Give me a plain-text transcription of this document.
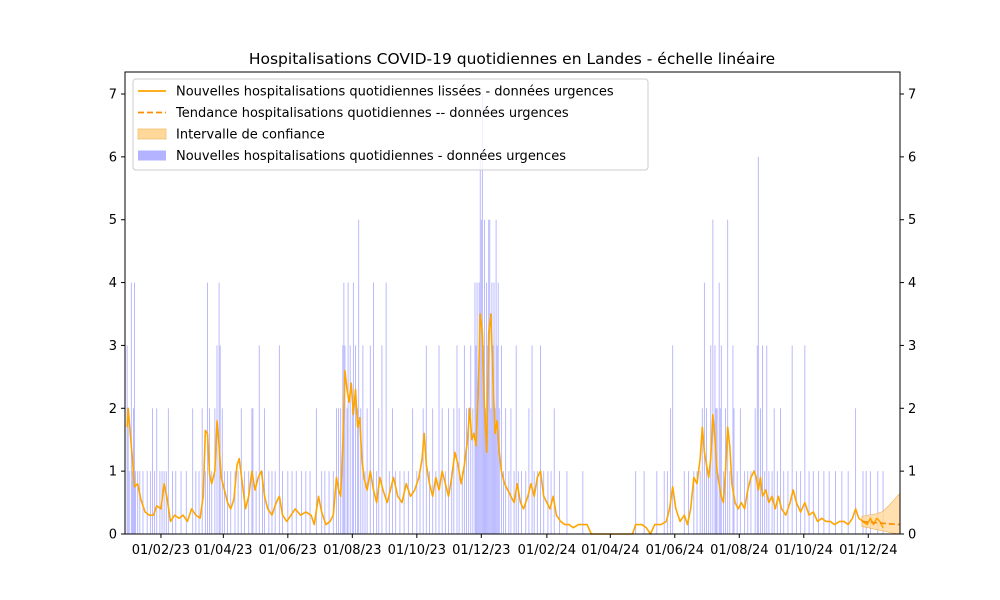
Hospitalisations COVID-19 quotidiennes en Landes - échelle linéaire
0
1
2
3
4
5
6
7
0
1
2
3
4
5
6
7
01/02/23 01/04/23 01/06/23 01/08/23 01/10/23 01/12/23 01/02/24 01/04/24 01/06/24 01/08/24 01/10/24 01/12/24
Nouvelles hospitalisations quotidiennes lissées - données urgences
Tendance hospitalisations quotidiennes -- données urgences
Intervalle de confiance
Nouvelles hospitalisations quotidiennes - données urgences
